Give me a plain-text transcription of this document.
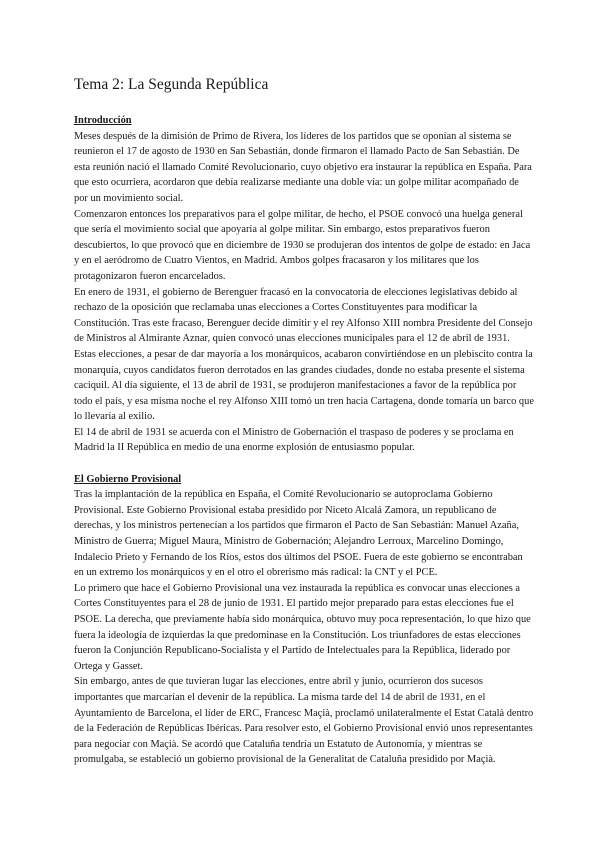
Tema 2: La Segunda República
Introducción

Meses después de la dimisión de Primo de Rivera, los líderes de los partidos que se oponían al sistema se reunieron el 17 de agosto de 1930 en San Sebastián, donde firmaron el llamado Pacto de San Sebastián. De esta reunión nació el llamado Comité Revolucionario, cuyo objetivo era instaurar la república en España. Para que esto ocurriera, acordaron que debía realizarse mediante una doble vía: un golpe militar acompañado de por un movimiento social.

Comenzaron entonces los preparativos para el golpe militar, de hecho, el PSOE convocó una huelga general que sería el movimiento social que apoyaría al golpe militar. Sin embargo, estos preparativos fueron descubiertos, lo que provocó que en diciembre de 1930 se produjeran dos intentos de golpe de estado: en Jaca y en el aeródromo de Cuatro Vientos, en Madrid. Ambos golpes fracasaron y los militares que los protagonizaron fueron encarcelados.

En enero de 1931, el gobierno de Berenguer fracasó en la convocatoria de elecciones legislativas debido al rechazo de la oposición que reclamaba unas elecciones a Cortes Constituyentes para modificar la Constitución. Tras este fracaso, Berenguer decide dimitir y el rey Alfonso XIII nombra Presidente del Consejo de Ministros al Almirante Aznar, quien convocó unas elecciones municipales para el 12 de abril de 1931.

Estas elecciones, a pesar de dar mayoría a los monárquicos, acabaron convirtiéndose en un plebiscito contra la monarquía, cuyos candidatos fueron derrotados en las grandes ciudades, donde no estaba presente el sistema caciquil. Al día siguiente, el 13 de abril de 1931, se produjeron manifestaciones a favor de la república por todo el país, y esa misma noche el rey Alfonso XIII tomó un tren hacia Cartagena, donde tomaría un barco que lo llevaría al exilio.

El 14 de abril de 1931 se acuerda con el Ministro de Gobernación el traspaso de poderes y se proclama en Madrid la II República en medio de una enorme explosión de entusiasmo popular.

El Gobierno Provisional

Tras la implantación de la república en España, el Comité Revolucionario se autoproclama Gobierno Provisional. Este Gobierno Provisional estaba presidido por Niceto Alcalá Zamora, un republicano de derechas, y los ministros pertenecían a los partidos que firmaron el Pacto de San Sebastián: Manuel Azaña, Ministro de Guerra; Miguel Maura, Ministro de Gobernación; Alejandro Lerroux, Marcelino Domingo, Indalecio Prieto y Fernando de los Ríos, estos dos últimos del PSOE. Fuera de este gobierno se encontraban en un extremo los monárquicos y en el otro el obrerismo más radical: la CNT y el PCE.

Lo primero que hace el Gobierno Provisional una vez instaurada la república es convocar unas elecciones a Cortes Constituyentes para el 28 de junio de 1931. El partido mejor preparado para estas elecciones fue el PSOE. La derecha, que previamente había sido monárquica, obtuvo muy poca representación, lo que hizo que fuera la ideología de izquierdas la que predominase en la Constitución. Los triunfadores de estas elecciones fueron la Conjunción Republicano-Socialista y el Partido de Intelectuales para la República, liderado por Ortega y Gasset.

Sin embargo, antes de que tuvieran lugar las elecciones, entre abril y junio, ocurrieron dos sucesos importantes que marcarían el devenir de la república. La misma tarde del 14 de abril de 1931, en el Ayuntamiento de Barcelona, el líder de ERC, Francesc Maçià, proclamó unilateralmente el Estat Català dentro de la Federación de Repúblicas Ibéricas. Para resolver esto, el Gobierno Provisional envió unos representantes para negociar con Maçià. Se acordó que Cataluña tendría un Estatuto de Autonomía, y mientras se promulgaba, se estableció un gobierno provisional de la Generalitat de Cataluña presidido por Maçià.
